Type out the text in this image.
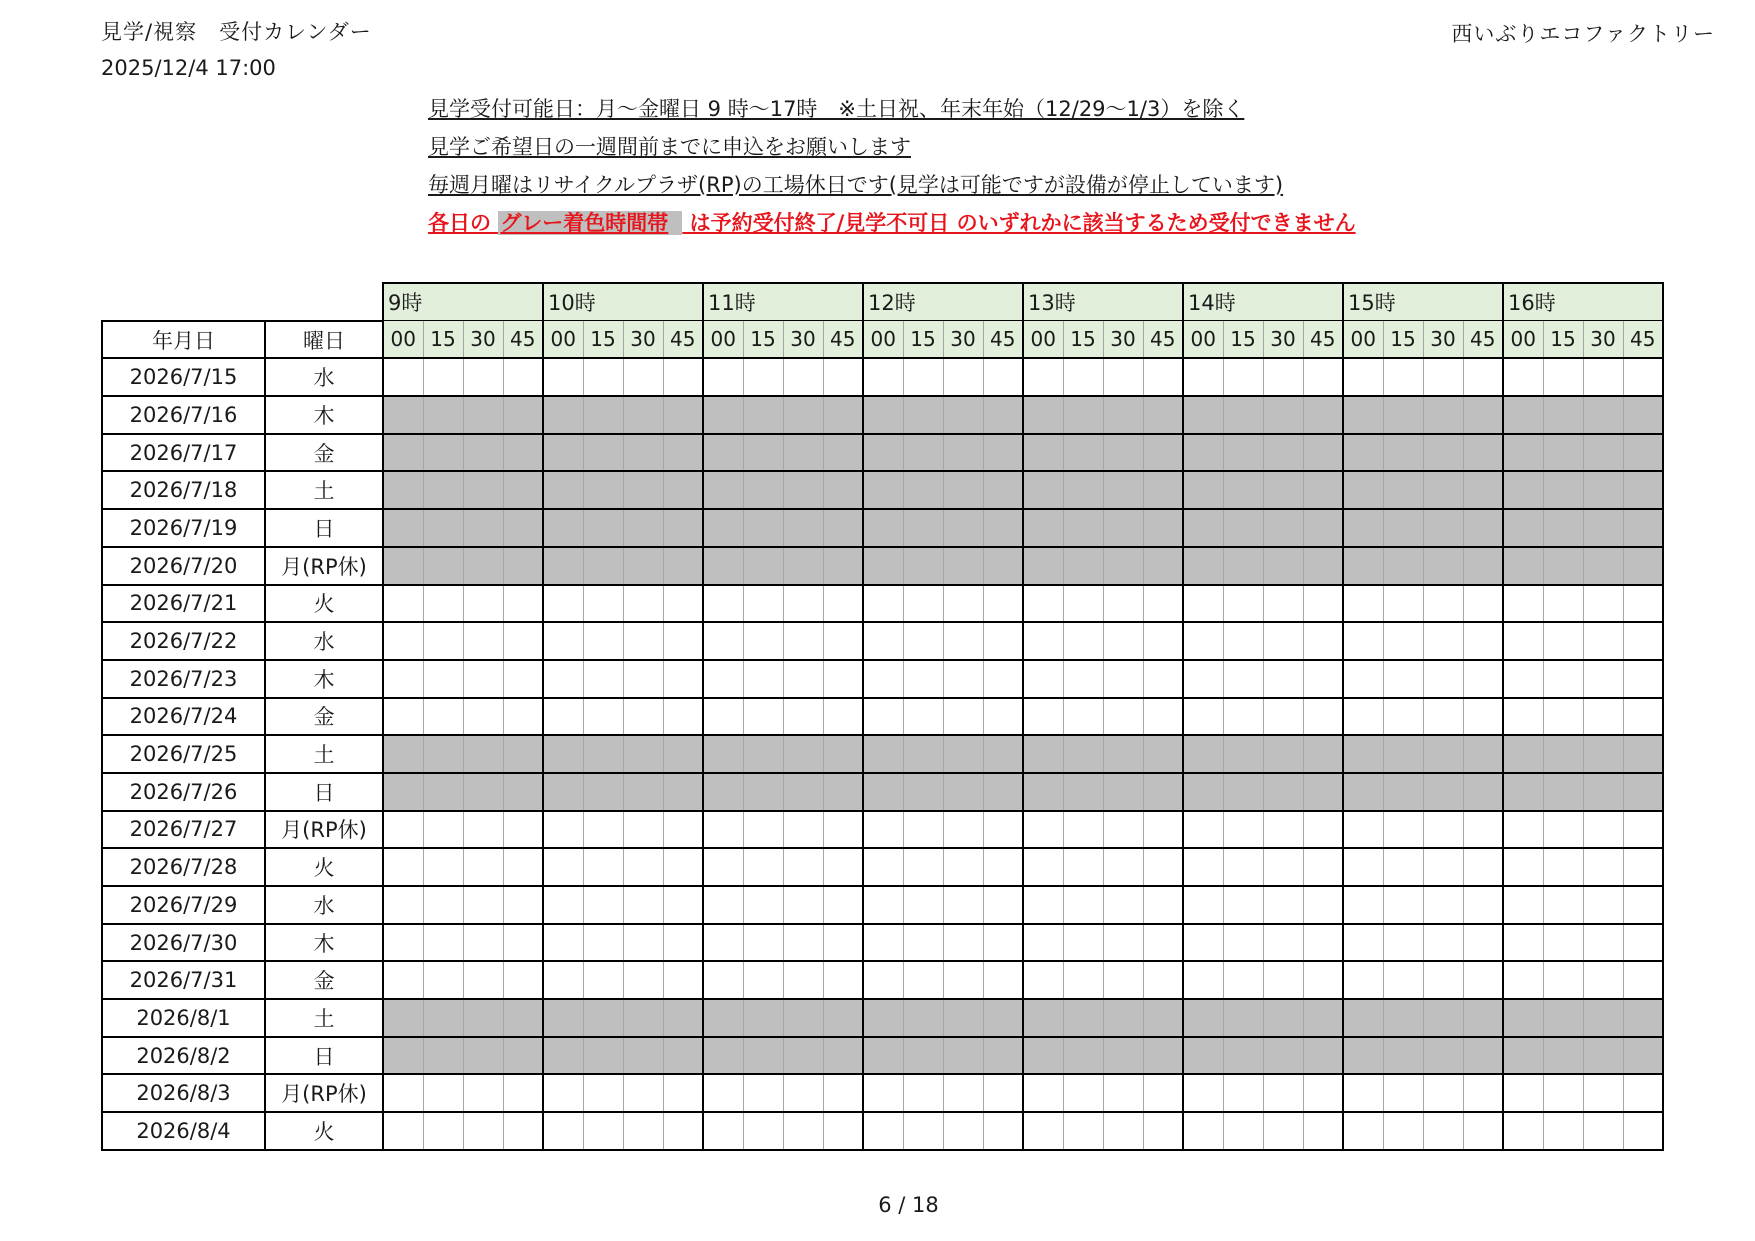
見学/視察　受付カレンダー
2025/12/4 17:00
西いぶりエコファクトリー
見学受付可能日：月～金曜日 9 時～17時　※土日祝、年末年始（12/29～1/3）を除く
見学ご希望日の一週間前までに申込をお願いします
毎週月曜はリサイクルプラザ(RP)の工場休日です(見学は可能ですが設備が停止しています)
各日の グレー着色時間帯 は予約受付終了/見学不可日 のいずれかに該当するため受付できません
		9時				10時				11時				12時				13時				14時				15時				16時			
年月日	曜日	00	15	30	45	00	15	30	45	00	15	30	45	00	15	30	45	00	15	30	45	00	15	30	45	00	15	30	45	00	15	30	45
2026/7/15	水																																
2026/7/16	木																																
2026/7/17	金																																
2026/7/18	土																																
2026/7/19	日																																
2026/7/20	月(RP休)																																
2026/7/21	火																																
2026/7/22	水																																
2026/7/23	木																																
2026/7/24	金																																
2026/7/25	土																																
2026/7/26	日																																
2026/7/27	月(RP休)																																
2026/7/28	火																																
2026/7/29	水																																
2026/7/30	木																																
2026/7/31	金																																
2026/8/1	土																																
2026/8/2	日																																
2026/8/3	月(RP休)																																
2026/8/4	火																																
6 / 18
